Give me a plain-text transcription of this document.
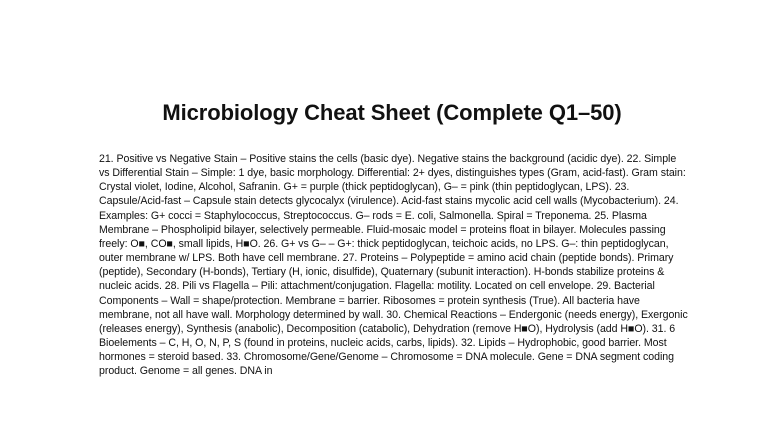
Microbiology Cheat Sheet (Complete Q1–50)

21. Positive vs Negative Stain – Positive stains the cells (basic dye). Negative stains the background (acidic dye). 22. Simple vs Differential Stain – Simple: 1 dye, basic morphology. Differential: 2+ dyes, distinguishes types (Gram, acid-fast). Gram stain: Crystal violet, Iodine, Alcohol, Safranin. G+ = purple (thick peptidoglycan), G– = pink (thin peptidoglycan, LPS). 23. Capsule/Acid-fast – Capsule stain detects glycocalyx (virulence). Acid-fast stains mycolic acid cell walls (Mycobacterium). 24. Examples: G+ cocci = Staphylococcus, Streptococcus. G– rods = E. coli, Salmonella. Spiral = Treponema. 25. Plasma Membrane – Phospholipid bilayer, selectively permeable. Fluid-mosaic model = proteins float in bilayer. Molecules passing freely: O■, CO■, small lipids, H■O. 26. G+ vs G– – G+: thick peptidoglycan, teichoic acids, no LPS. G–: thin peptidoglycan, outer membrane w/ LPS. Both have cell membrane. 27. Proteins – Polypeptide = amino acid chain (peptide bonds). Primary (peptide), Secondary (H-bonds), Tertiary (H, ionic, disulfide), Quaternary (subunit interaction). H-bonds stabilize proteins & nucleic acids. 28. Pili vs Flagella – Pili: attachment/conjugation. Flagella: motility. Located on cell envelope. 29. Bacterial Components – Wall = shape/protection. Membrane = barrier. Ribosomes = protein synthesis (True). All bacteria have membrane, not all have wall. Morphology determined by wall. 30. Chemical Reactions – Endergonic (needs energy), Exergonic (releases energy), Synthesis (anabolic), Decomposition (catabolic), Dehydration (remove H■O), Hydrolysis (add H■O). 31. 6 Bioelements – C, H, O, N, P, S (found in proteins, nucleic acids, carbs, lipids). 32. Lipids – Hydrophobic, good barrier. Most hormones = steroid based. 33. Chromosome/Gene/Genome – Chromosome = DNA molecule. Gene = DNA segment coding product. Genome = all genes. DNA in
